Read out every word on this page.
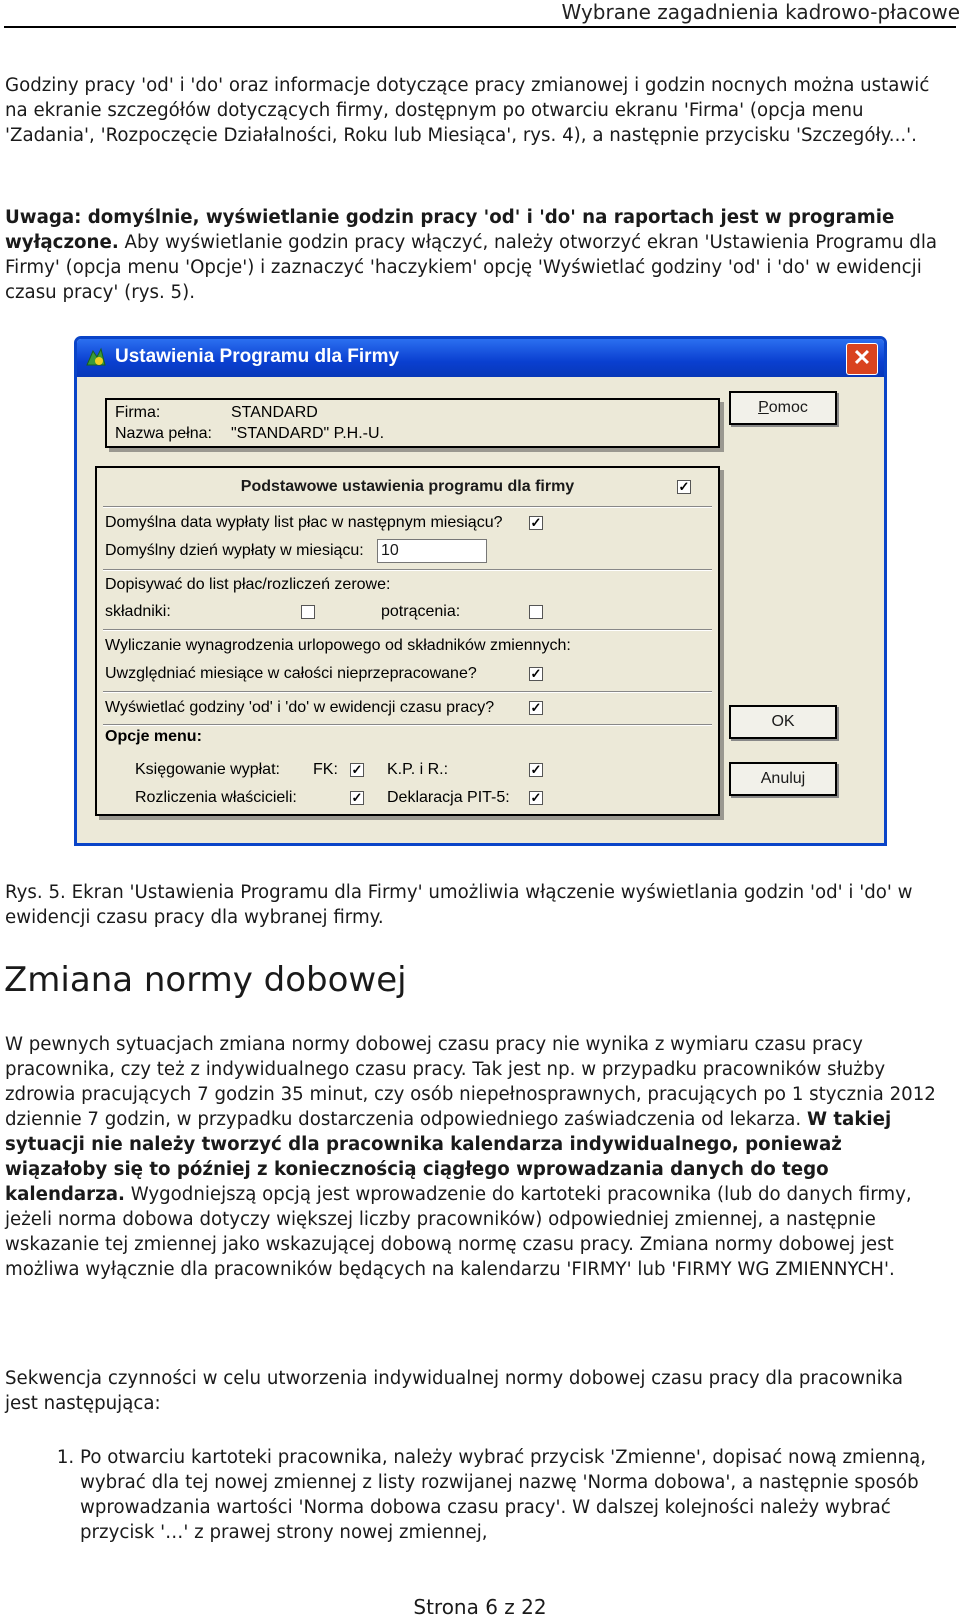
Wybrane zagadnienia kadrowo-płacowe

Godziny pracy 'od' i 'do' oraz informacje dotyczące pracy zmianowej i godzin nocnych można ustawić na ekranie szczegółów dotyczących firmy, dostępnym po otwarciu ekranu 'Firma' (opcja menu 'Zadania', 'Rozpoczęcie Działalności, Roku lub Miesiąca', rys. 4), a następnie przycisku 'Szczegóły...'.

Uwaga: domyślnie, wyświetlanie godzin pracy 'od' i 'do' na raportach jest w programie wyłączone. Aby wyświetlanie godzin pracy włączyć, należy otworzyć ekran 'Ustawienia Programu dla Firmy' (opcja menu 'Opcje') i zaznaczyć 'haczykiem' opcję 'Wyświetlać godziny 'od' i 'do' w ewidencji czasu pracy' (rys. 5).

Ustawienia Programu dla Firmy	✕
Firma:	STANDARD
Nazwa pełna: "STANDARD" P.H.-U.
Pomoc
Podstawowe ustawienia programu dla firmy	✓
Domyślna data wypłaty list płac w następnym miesiącu? ✓
Domyślny dzień wypłaty w miesiącu: 10
Dopisywać do list płac/rozliczeń zerowe:
składniki:	potrącenia:
Wyliczanie wynagrodzenia urlopowego od składników zmiennych:
Uwzględniać miesiące w całości nieprzepracowane?	✓
Wyświetlać godziny 'od' i 'do' w ewidencji czasu pracy?	✓
Opcje menu:
Księgowanie wypłat: FK: ✓ K.P. i R.:	✓
Rozliczenia właścicieli:	✓ Deklaracja PIT-5: ✓
OK
Anuluj

Rys. 5. Ekran 'Ustawienia Programu dla Firmy' umożliwia włączenie wyświetlania godzin 'od' i 'do' w ewidencji czasu pracy dla wybranej firmy.

Zmiana normy dobowej

W pewnych sytuacjach zmiana normy dobowej czasu pracy nie wynika z wymiaru czasu pracy pracownika, czy też z indywidualnego czasu pracy. Tak jest np. w przypadku pracowników służby zdrowia pracujących 7 godzin 35 minut, czy osób niepełnosprawnych, pracujących po 1 stycznia 2012 dziennie 7 godzin, w przypadku dostarczenia odpowiedniego zaświadczenia od lekarza. W takiej sytuacji nie należy tworzyć dla pracownika kalendarza indywidualnego, ponieważ wiązałoby się to później z koniecznością ciągłego wprowadzania danych do tego kalendarza. Wygodniejszą opcją jest wprowadzenie do kartoteki pracownika (lub do danych firmy, jeżeli norma dobowa dotyczy większej liczby pracowników) odpowiedniej zmiennej, a następnie wskazanie tej zmiennej jako wskazującej dobową normę czasu pracy. Zmiana normy dobowej jest możliwa wyłącznie dla pracowników będących na kalendarzu 'FIRMY' lub 'FIRMY WG ZMIENNYCH'.

Sekwencja czynności w celu utworzenia indywidualnej normy dobowej czasu pracy dla pracownika jest następująca:

1. Po otwarciu kartoteki pracownika, należy wybrać przycisk 'Zmienne', dopisać nową zmienną, wybrać dla tej nowej zmiennej z listy rozwijanej nazwę 'Norma dobowa', a następnie sposób wprowadzania wartości 'Norma dobowa czasu pracy'. W dalszej kolejności należy wybrać przycisk '…' z prawej strony nowej zmiennej,
Strona 6 z 22
